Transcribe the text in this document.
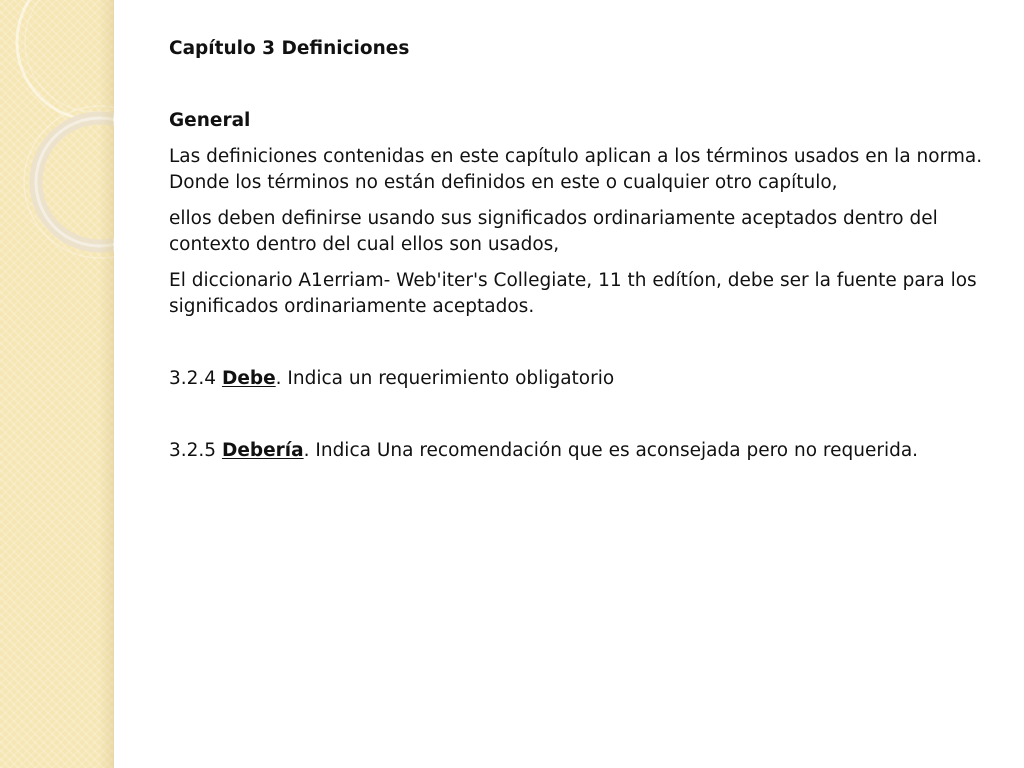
Capítulo 3 Definiciones

General

Las definiciones contenidas en este capítulo aplican a los términos usados en la norma.

Donde los términos no están definidos en este o cualquier otro capítulo,

ellos deben definirse usando sus significados ordinariamente aceptados dentro del

contexto dentro del cual ellos son usados,

El diccionario A1erriam- Web'iter's Collegiate, 11 th edítíon, debe ser la fuente para los

significados ordinariamente aceptados.

3.2.4 Debe. Indica un requerimiento obligatorio

3.2.5 Debería. Indica Una recomendación que es aconsejada pero no requerida.
